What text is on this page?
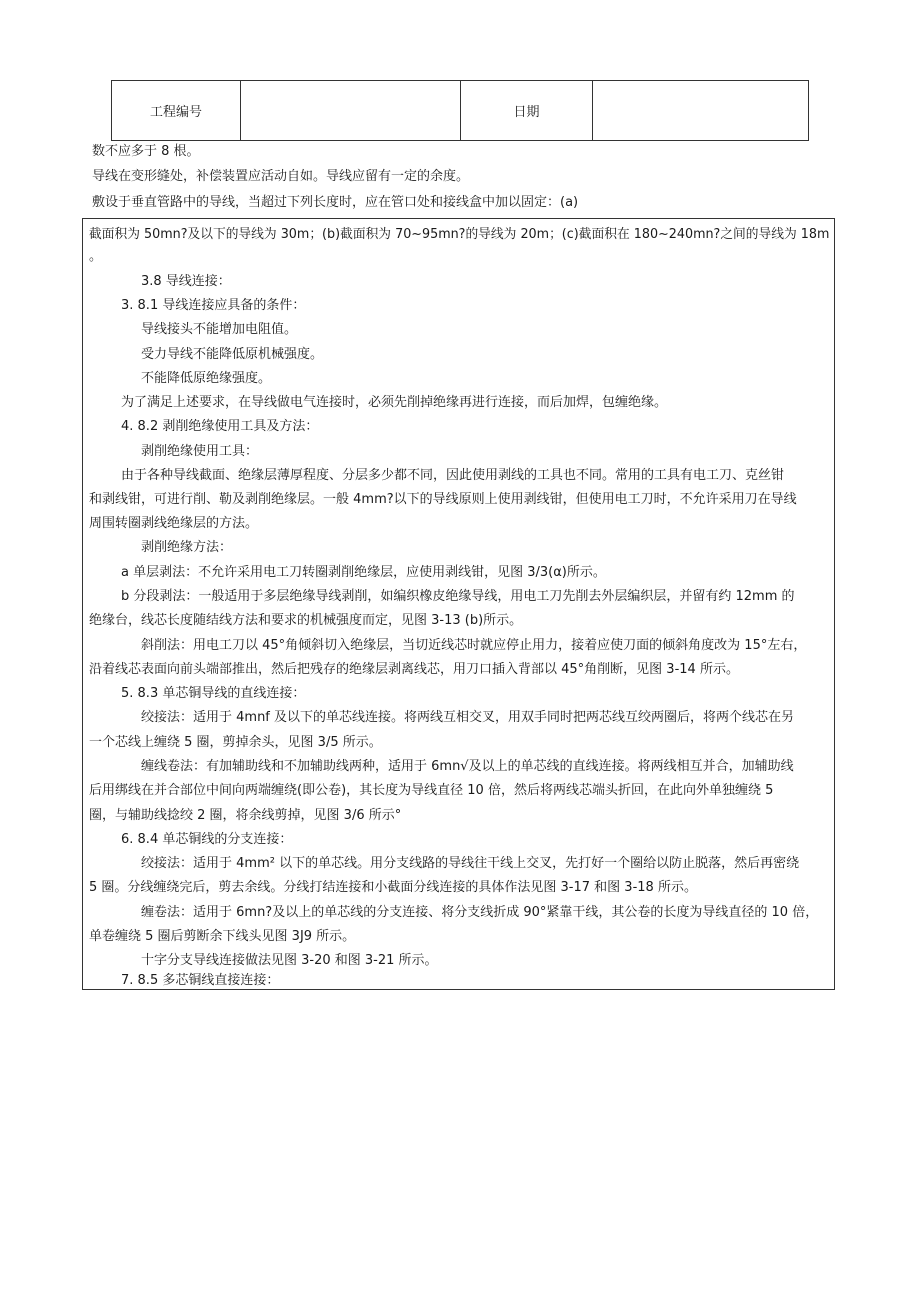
工程编号		日期	
数不应多于 8 根。
导线在变形缝处，补偿装置应活动自如。导线应留有一定的余度。
敷设于垂直管路中的导线，当超过下列长度时，应在管口处和接线盒中加以固定：(a)
截面积为 50mn?及以下的导线为 30m；(b)截面积为 70~95mn?的导线为 20m；(c)截面积在 180~240mn?之间的导线为 18m
。
3.8 导线连接：
3. 8.1 导线连接应具备的条件：
导线接头不能增加电阻值。
受力导线不能降低原机械强度。
不能降低原绝缘强度。
为了满足上述要求，在导线做电气连接时，必须先削掉绝缘再进行连接，而后加焊，包缠绝缘。
4. 8.2 剥削绝缘使用工具及方法：
剥削绝缘使用工具：
由于各种导线截面、绝缘层薄厚程度、分层多少都不同，因此使用剥线的工具也不同。常用的工具有电工刀、克丝钳
和剥线钳，可进行削、勒及剥削绝缘层。一般 4mm?以下的导线原则上使用剥线钳，但使用电工刀时，不允许采用刀在导线
周围转圈剥线绝缘层的方法。
剥削绝缘方法：
a 单层剥法：不允许采用电工刀转圈剥削绝缘层，应使用剥线钳，见图 3/3(α)所示。
b 分段剥法：一般适用于多层绝缘导线剥削，如编织橡皮绝缘导线，用电工刀先削去外层编织层，并留有约 12mm 的
绝缘台，线芯长度随结线方法和要求的机械强度而定，见图 3-13 (b)所示。
斜削法：用电工刀以 45°角倾斜切入绝缘层，当切近线芯时就应停止用力，接着应使刀面的倾斜角度改为 15°左右，
沿着线芯表面向前头端部推出，然后把残存的绝缘层剥离线芯，用刀口插入背部以 45°角削断，见图 3-14 所示。
5. 8.3 单芯铜导线的直线连接：
绞接法：适用于 4mnf 及以下的单芯线连接。将两线互相交叉，用双手同时把两芯线互绞两圈后，将两个线芯在另
一个芯线上缠绕 5 圈，剪掉余头，见图 3/5 所示。
缠线卷法：有加辅助线和不加辅助线两种，适用于 6mn√及以上的单芯线的直线连接。将两线相互并合，加辅助线
后用绑线在并合部位中间向两端缠绕(即公卷)，其长度为导线直径 10 倍，然后将两线芯端头折回，在此向外单独缠绕 5
圈，与辅助线捻绞 2 圈，将余线剪掉，见图 3/6 所示°
6. 8.4 单芯铜线的分支连接：
绞接法：适用于 4mm² 以下的单芯线。用分支线路的导线往干线上交叉，先打好一个圈给以防止脱落，然后再密绕
5 圈。分线缠绕完后，剪去余线。分线打结连接和小截面分线连接的具体作法见图 3-17 和图 3-18 所示。
缠卷法：适用于 6mn?及以上的单芯线的分支连接、将分支线折成 90°紧靠干线，其公卷的长度为导线直径的 10 倍，
单卷缠绕 5 圈后剪断余下线头见图 3J9 所示。
十字分支导线连接做法见图 3-20 和图 3-21 所示。
7. 8.5 多芯铜线直接连接：
